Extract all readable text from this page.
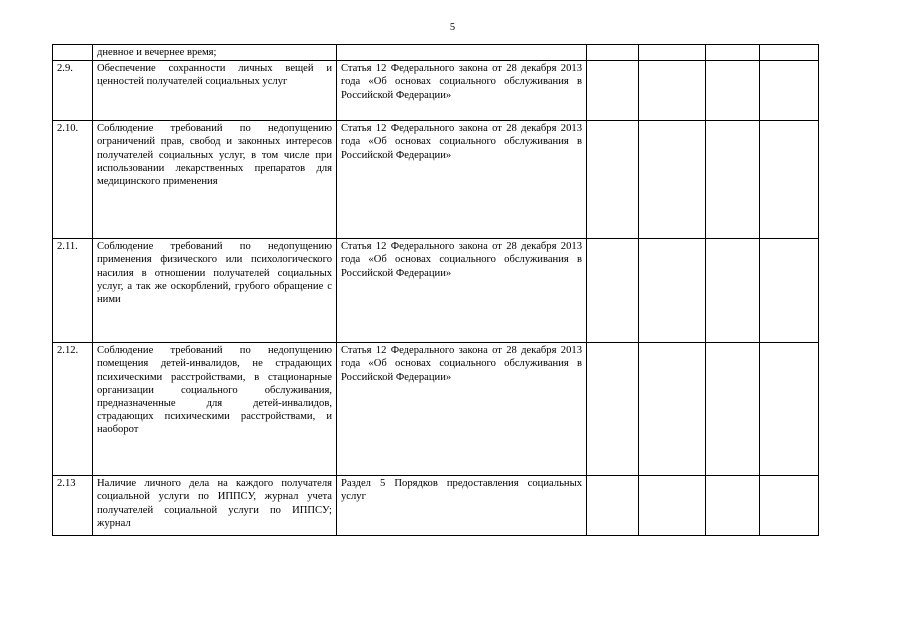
5
	дневное и вечернее время;					
2.9.	Обеспечение сохранности личных вещей и ценностей получателей социальных услуг	Статья 12 Федерального закона от 28 декабря 2013 года «Об основах социального обслуживания в Российской Федерации»				
2.10.	Соблюдение требований по недопущению ограничений прав, свобод и законных интересов получателей социальных услуг, в том числе при использовании лекарственных препаратов для медицинского применения	Статья 12 Федерального закона от 28 декабря 2013 года «Об основах социального обслуживания в Российской Федерации»				
2.11.	Соблюдение требований по недопущению применения физического или психологического насилия в отношении получателей социальных услуг, а так же оскорблений, грубого обращение с ними	Статья 12 Федерального закона от 28 декабря 2013 года «Об основах социального обслуживания в Российской Федерации»				
2.12.	Соблюдение требований по недопущению помещения детей-инвалидов, не страдающих психическими расстройствами, в стационарные организации социального обслуживания, предназначенные для детей-инвалидов, страдающих психическими расстройствами, и наоборот	Статья 12 Федерального закона от 28 декабря 2013 года «Об основах социального обслуживания в Российской Федерации»				
2.13	Наличие личного дела на каждого получателя социальной услуги по ИППСУ, журнал учета получателей социальной услуги по ИППСУ; журнал	Раздел 5 Порядков предоставления социальных услуг				
